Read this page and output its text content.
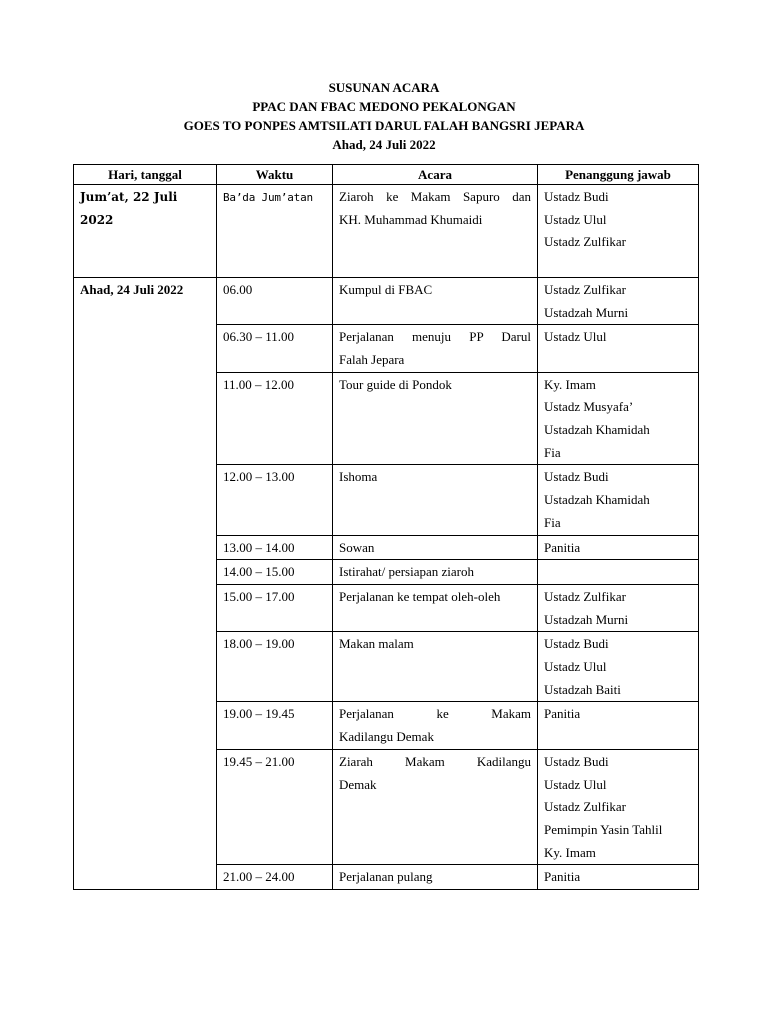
SUSUNAN ACARA
PPAC DAN FBAC MEDONO PEKALONGAN
GOES TO PONPES AMTSILATI DARUL FALAH BANGSRI JEPARA
Ahad, 24 Juli 2022
Hari, tanggal	Waktu	Acara	Penanggung jawab
Jum’at, 22 Juli 2022	Ba’da Jum’atan	Ziaroh ke Makam Sapuro dan
KH. Muhammad Khumaidi	Ustadz Budi
Ustadz Ulul
Ustadz Zulfikar

Ahad, 24 Juli 2022	06.00	Kumpul di FBAC	Ustadz Zulfikar
Ustadzah Murni

	06.30 – 11.00	Perjalanan menuju PP Darul
Falah Jepara	Ustadz Ulul

	11.00 – 12.00	Tour guide di Pondok	Ky. Imam
Ustadz Musyafa’
Ustadzah Khamidah
Fia

	12.00 – 13.00	Ishoma	Ustadz Budi
Ustadzah Khamidah
Fia

	13.00 – 14.00	Sowan	Panitia

	14.00 – 15.00	Istirahat/ persiapan ziaroh	

	15.00 – 17.00	Perjalanan ke tempat oleh-oleh	Ustadz Zulfikar
Ustadzah Murni

	18.00 – 19.00	Makan malam	Ustadz Budi
Ustadz Ulul
Ustadzah Baiti

	19.00 – 19.45	Perjalanan ke Makam
Kadilangu Demak	Panitia

	19.45 – 21.00	Ziarah Makam Kadilangu
Demak	Ustadz Budi
Ustadz Ulul
Ustadz Zulfikar
Pemimpin Yasin Tahlil
Ky. Imam

	21.00 – 24.00	Perjalanan pulang	Panitia
